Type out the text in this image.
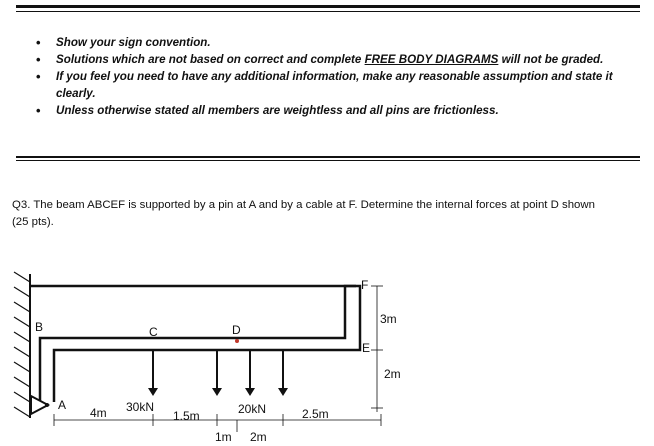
• Show your sign convention.
• Solutions which are not based on correct and complete FREE BODY DIAGRAMS will not be graded.
• If you feel you need to have any additional information, make any reasonable assumption and state it clearly.
• Unless otherwise stated all members are weightless and all pins are frictionless.
Q3. The beam ABCEF is supported by a pin at A and by a cable at F. Determine the internal forces at point D shown (25 pts).
A
B	C	D
E
F
30kN	20kN
4m	1.5m
1m 2m
2.5m
3m
2m
